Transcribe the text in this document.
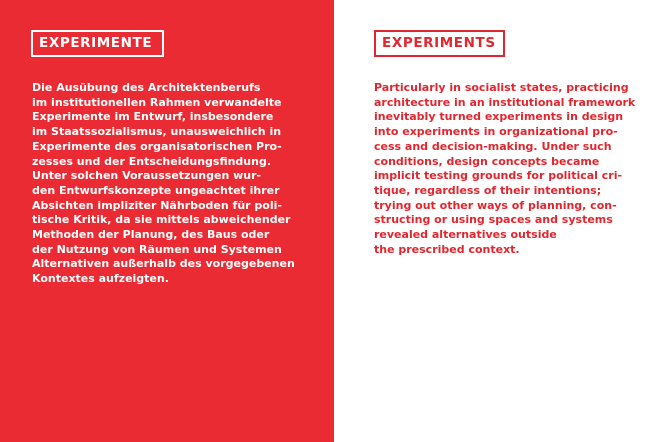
EXPERIMENTE

Die Ausübung des Architektenberufs
im institutionellen Rahmen verwandelte
Experimente im Entwurf, insbesondere
im Staatssozialismus, unausweichlich in
Experimente des organisatorischen Pro-
zesses und der Entscheidungsfindung.
Unter solchen Voraussetzungen wur-
den Entwurfskonzepte ungeachtet ihrer
Absichten impliziter Nährboden für poli-
tische Kritik, da sie mittels abweichender
Methoden der Planung, des Baus oder
der Nutzung von Räumen und Systemen
Alternativen außerhalb des vorgegebenen
Kontextes aufzeigten.

EXPERIMENTS

Particularly in socialist states, practicing
architecture in an institutional framework
inevitably turned experiments in design
into experiments in organizational pro-
cess and decision-making. Under such
conditions, design concepts became
implicit testing grounds for political cri-
tique, regardless of their intentions;
trying out other ways of planning, con-
structing or using spaces and systems
revealed alternatives outside
the prescribed context.
